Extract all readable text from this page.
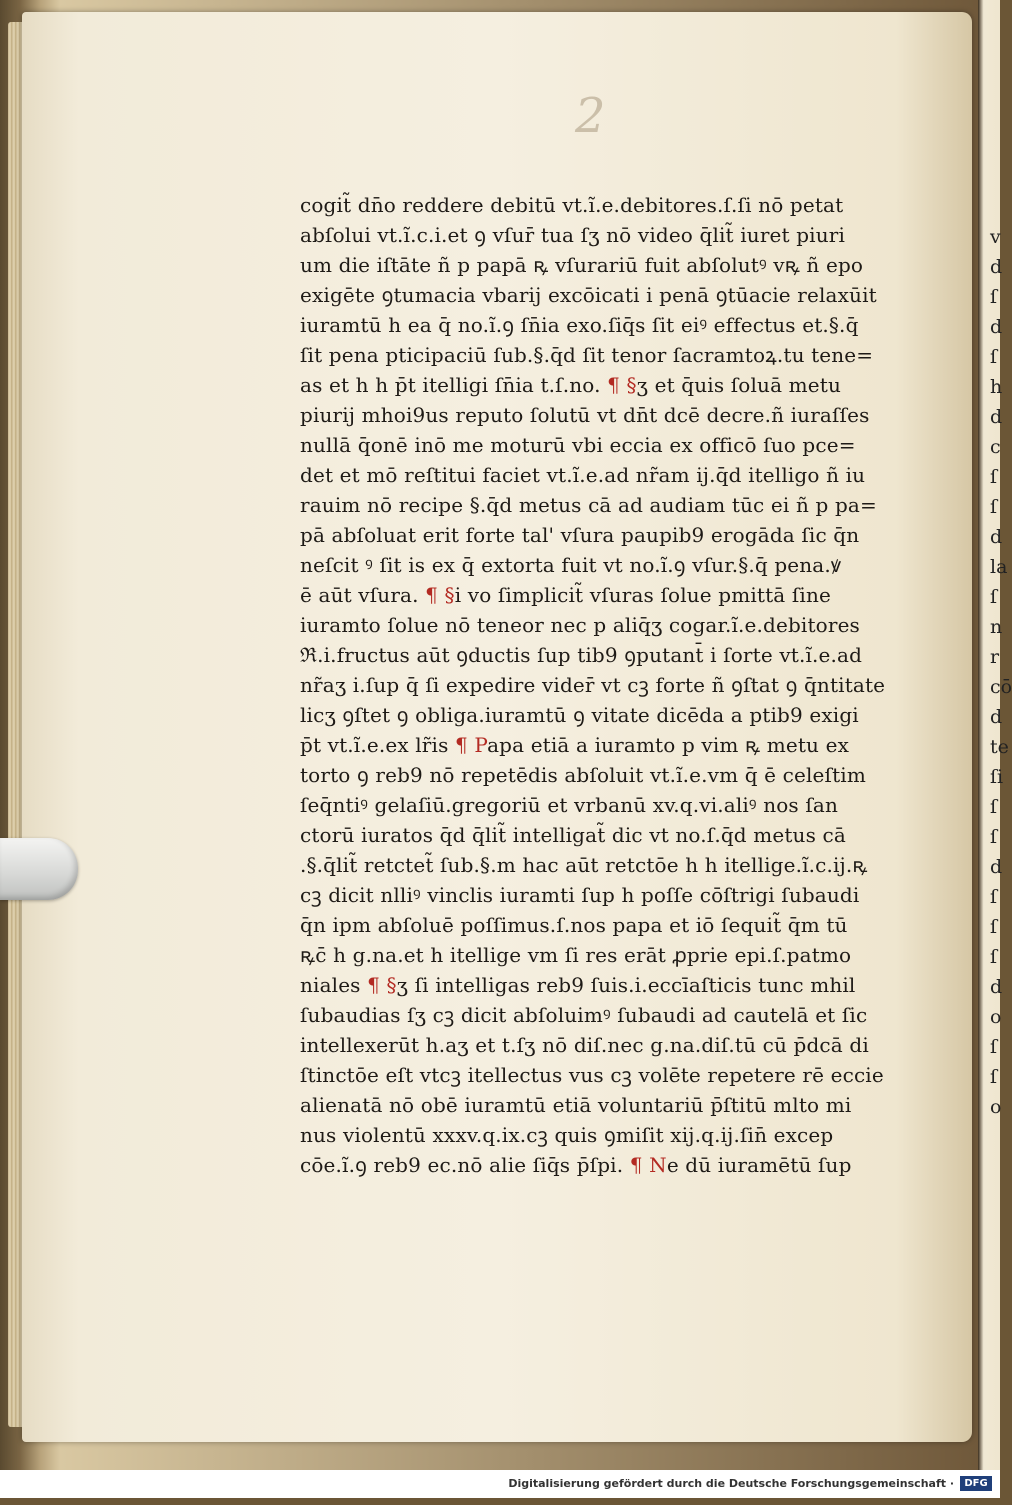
v
d
ſ
d
ſ
h
d
c
ſ
ſ
d
la
ſ
n
r
cō
d
te
ſi
ſ
ſ
d
ſ
ſ
ſ
d
o
ſ
ſ
o
2
cogit̃ dn̄o reddere debitū vt.ĩ.e.debitores.ſ.ſi nō petat
abſolui vt.ĩ.c.i.et ꝯ vſur̄ tua ſʒ nō video q̄lit̃ iuret piuri
um die iſtāte ñ p papā ꝶ vſurariū fuit abſolutꝰ vꝶ ñ epo
exigēte ꝯtumacia vbarij excōicati i penā ꝯtūacie relaxūit
iuramtū h ea q̄ no.ĩ.ꝯ ſn̄ia exo.ſiq̄s ſit eiꝰ effectus et.§.q̄
ſit pena pticipaciū ſub.§.q̄d ſit tenor ſacramtoꝝ.tu tene=
as et h h p̄t itelligi ſn̄ia t.ſ.no. ¶ §ʒ et q̄uis ſoluā metu
piurij mhoi9us reputo ſolutū vt dn̄t dcē decre.ñ iuraſſes
nullā q̄onē inō me moturū vbi eccia ex officō ſuo pce=
det et mō reſtitui faciet vt.ĩ.e.ad nr̃am ij.q̄d itelligo ñ iu
rauim nō recipe §.q̄d metus cā ad audiam tūc ei ñ p pa=
pā abſoluat erit forte tal' vſura paupib9 erogāda ſic q̄n
neſcit ꝰ ſit is ex q̄ extorta fuit vt no.ĩ.ꝯ vſur.§.q̄ pena.ꝟ
ē aūt vſura. ¶ §i vo ſimplicit̃ vſuras ſolue pmittā ſine
iuramto ſolue nō teneor nec p aliq̄ʒ cogar.ĩ.e.debitores
ℜ.i.fructus aūt ꝯductis ſup tib9 ꝯputant̄ i ſorte vt.ĩ.e.ad
nr̃aʒ i.ſup q̄ ſi expedire vider̄ vt cꝫ forte ñ ꝯſtat ꝯ q̄ntitate
licʒ ꝯſtet ꝯ obliga.iuramtū ꝯ vitate dicēda a ptib9 exigi
p̄t vt.ĩ.e.ex lr̃is ¶ Papa etiā a iuramto p vim ꝶ metu ex
torto ꝯ reb9 nō repetēdis abſoluit vt.ĩ.e.vm q̄ ē celeſtim
ſeq̄ntiꝰ gelaſiū.gregoriū et vrbanū xv.q.vi.aliꝰ nos ſan
ctorū iuratos q̄d q̄lit̃ intelligat̃ dic vt no.ſ.q̄d metus cā
.§.q̄lit̃ retctet̃ ſub.§.m hac aūt retctōe h h itellige.ĩ.c.ij.ꝶ
cꝫ dicit nlliꝰ vinclis iuramti ſup h poſſe cōſtrigi ſubaudi
q̄n ipm abſoluē poſſimus.ſ.nos papa et iō ſequit̃ q̄m tū
ꝶc̄ h g.na.et h itellige vm ſi res erāt ꝓprie epi.ſ.patmo
niales ¶ §ʒ ſi intelligas reb9 ſuis.i.eccīaſticis tunc mhil
ſubaudias ſʒ cꝫ dicit abſoluimꝰ ſubaudi ad cautelā et ſic
intellexerūt h.aʒ et t.ſʒ nō diſ.nec g.na.diſ.tū cū p̄dcā di
ſtinctōe eſt vtcꝫ itellectus vus cꝫ volēte repetere rē eccie
alienatā nō obē iuramtū etiā voluntariū p̄ſtitū mlto mi
nus violentū xxxv.q.ix.cꝫ quis ꝯmiſit xij.q.ij.ſin̄ excep
cōe.ĩ.ꝯ reb9 ec.nō alie ſiq̄s p̄ſpi. ¶ Ne dū iuramētū ſup
Digitalisierung gefördert durch die Deutsche Forschungsgemeinschaft ·	DFG
